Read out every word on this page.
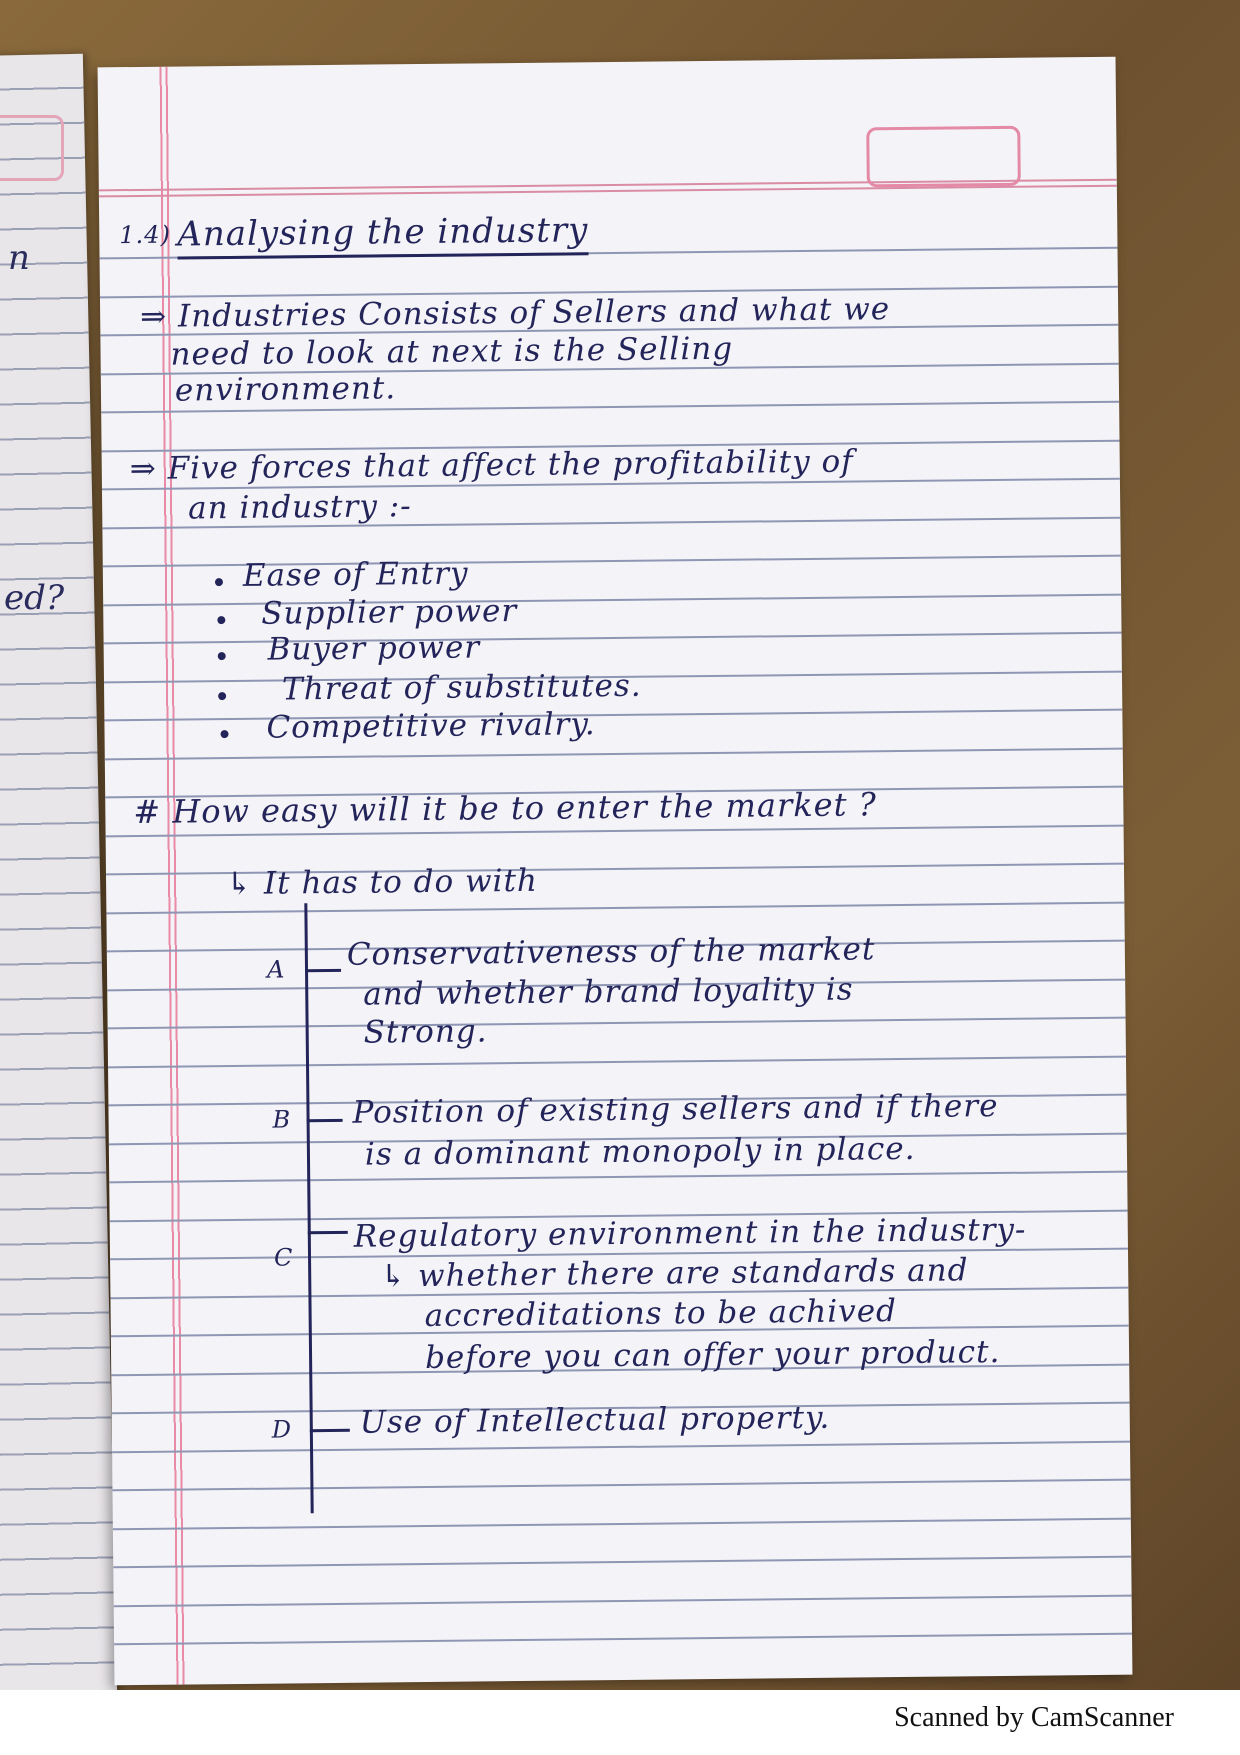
n
ed?
1.4) Analysing the industry
⇒ Industries Consists of Sellers and what we
need to look at next is the Selling
environment.
⇒ Five forces that affect the profitability of
an industry :-
Ease of Entry
Supplier power
Buyer power
Threat of substitutes.
Competitive rivalry.
# How easy will it be to enter the market ?
↳ It has to do with
A Conservativeness of the market
and whether brand loyality is
Strong.
B Position of existing sellers and if there
is a dominant monopoly in place.
C
Regulatory environment in the industry-
↳ whether there are standards and
accreditations to be achived
before you can offer your product.
D Use of Intellectual property.
Scanned by CamScanner
